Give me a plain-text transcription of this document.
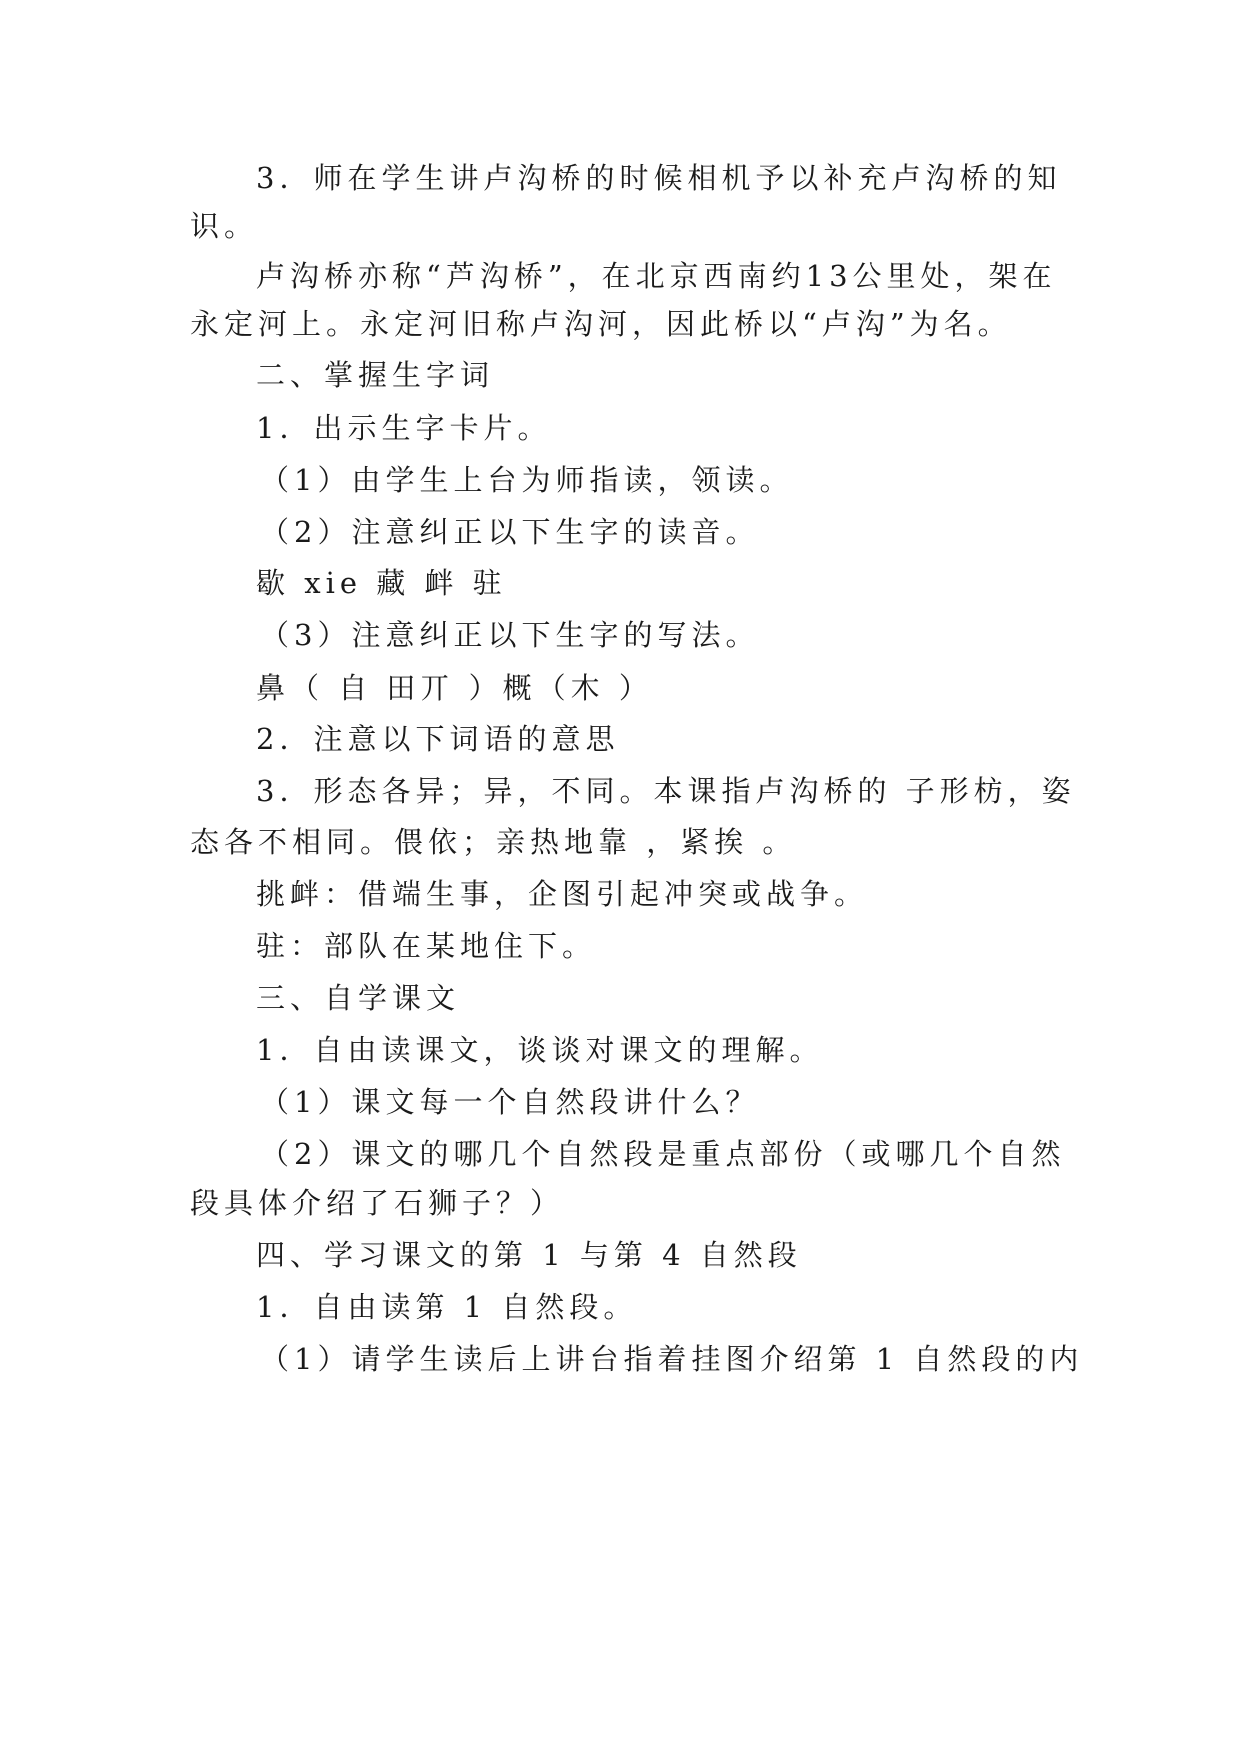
3．师在学生讲卢沟桥的时候相机予以补充卢沟桥的知
识。
卢沟桥亦称“芦沟桥”，在北京西南约13公里处，架在
永定河上。永定河旧称卢沟河，因此桥以“卢沟”为名。
二、掌握生字词
1．出示生字卡片。
（1）由学生上台为师指读，领读。
（2）注意纠正以下生字的读音。
歇 xie 藏 衅 驻
（3）注意纠正以下生字的写法。
鼻（ 自 田丌 ）概（木 ）
2．注意以下词语的意思
3．形态各异；异，不同。本课指卢沟桥的 子形枋，姿
态各不相同。偎依；亲热地靠 ，紧挨 。
挑衅：借端生事，企图引起冲突或战争。
驻：部队在某地住下。
三、自学课文
1．自由读课文，谈谈对课文的理解。
（1）课文每一个自然段讲什么？
（2）课文的哪几个自然段是重点部份（或哪几个自然
段具体介绍了石狮子？）
四、学习课文的第 1 与第 4 自然段
1．自由读第 1 自然段。
（1）请学生读后上讲台指着挂图介绍第 1 自然段的内
